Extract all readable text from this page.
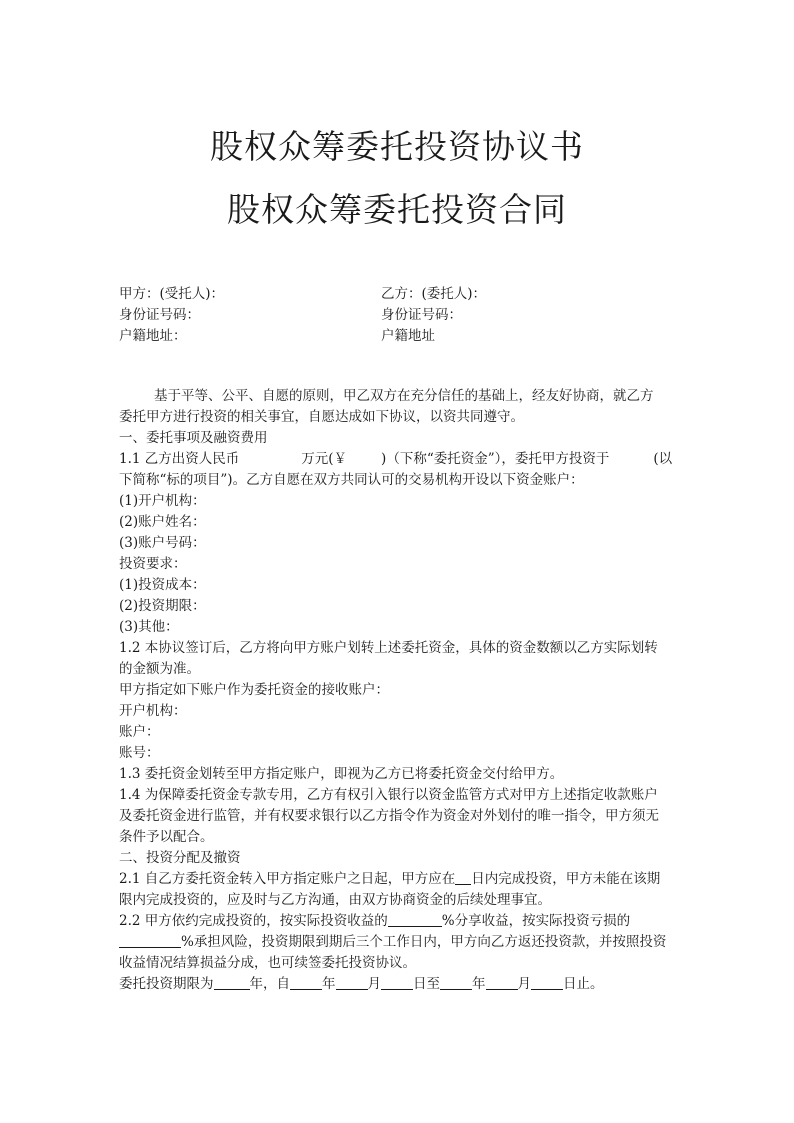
股权众筹委托投资协议书
股权众筹委托投资合同

甲方：(受托人)：

身份证号码：

户籍地址：

乙方：(委托人)：

身份证号码：

户籍地址

基于平等、公平、自愿的原则，甲乙双方在充分信任的基础上，经友好协商，就乙方

委托甲方进行投资的相关事宜，自愿达成如下协议，以资共同遵守。

一、委托事项及融资费用

1.1 乙方出资人民币	万元(￥	)（下称“委托资金”），委托甲方投资于	(以

下简称“标的项目”)。乙方自愿在双方共同认可的交易机构开设以下资金账户：

(1)开户机构：

(2)账户姓名：

(3)账户号码：

投资要求：

(1)投资成本：

(2)投资期限：

(3)其他：

1.2 本协议签订后，乙方将向甲方账户划转上述委托资金，具体的资金数额以乙方实际划转

的金额为准。

甲方指定如下账户作为委托资金的接收账户：

开户机构：

账户：

账号：

1.3 委托资金划转至甲方指定账户，即视为乙方已将委托资金交付给甲方。

1.4 为保障委托资金专款专用，乙方有权引入银行以资金监管方式对甲方上述指定收款账户

及委托资金进行监管，并有权要求银行以乙方指令作为资金对外划付的唯一指令，甲方须无

条件予以配合。

二、投资分配及撤资

2.1 自乙方委托资金转入甲方指定账户之日起，甲方应在 日内完成投资，甲方未能在该期

限内完成投资的，应及时与乙方沟通，由双方协商资金的后续处理事宜。

2.2 甲方依约完成投资的，按实际投资收益的	%分享收益，按实际投资亏损的

%承担风险，投资期限到期后三个工作日内，甲方向乙方返还投资款，并按照投资

收益情况结算损益分成，也可续签委托投资协议。

委托投资期限为	年，自 年 月 日至 年 月 日止。
